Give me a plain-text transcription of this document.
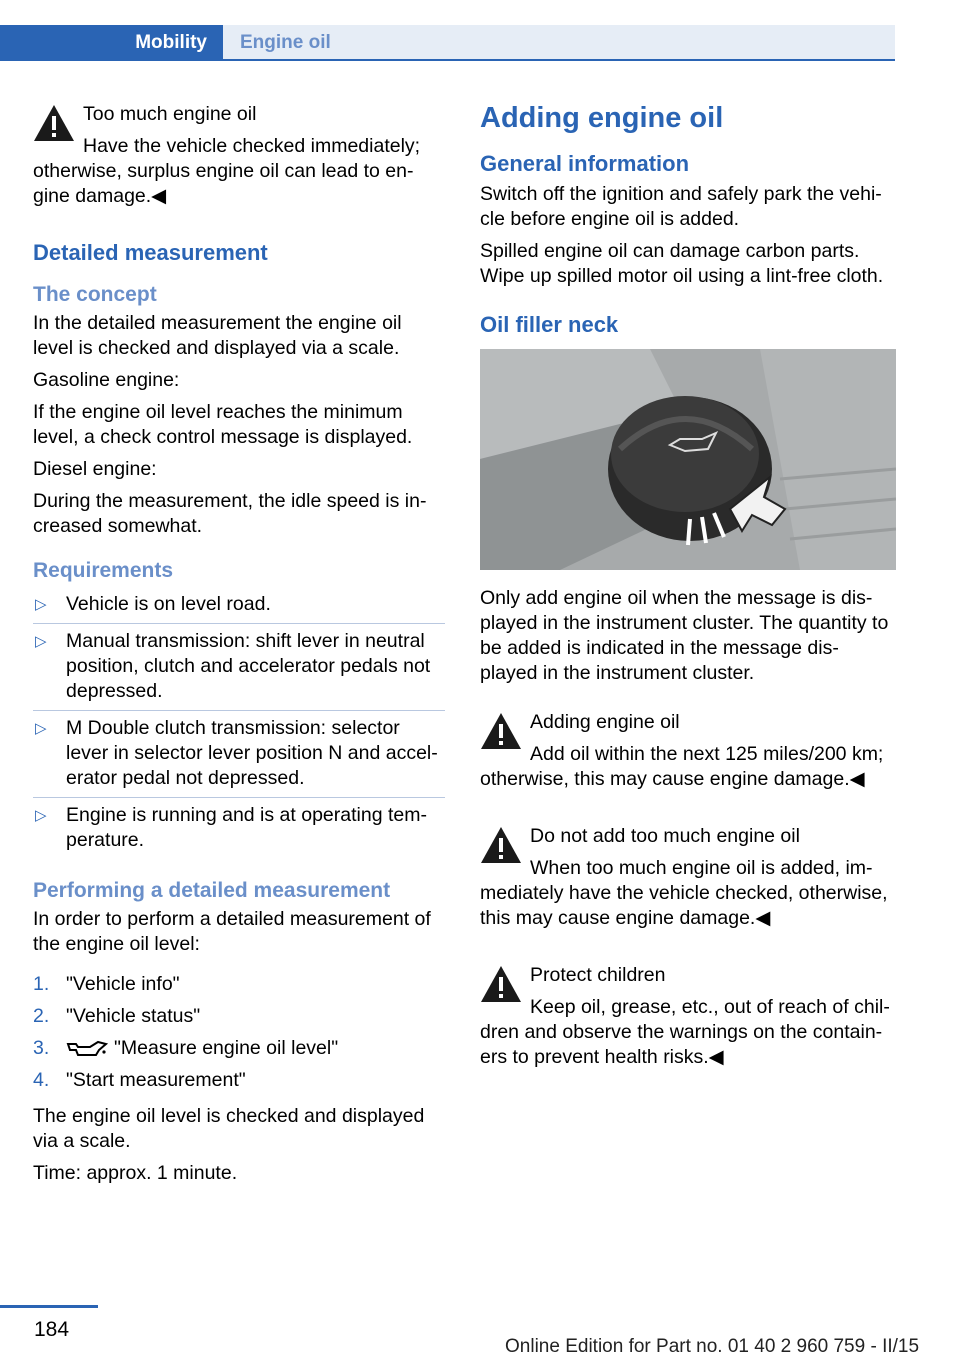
Mobility	Engine oil

Too much engine oil

Have the vehicle checked immediately; otherwise, surplus engine oil can lead to en-gine damage.◀

Detailed measurement
The concept

In the detailed measurement the engine oil level is checked and displayed via a scale.

Gasoline engine:

If the engine oil level reaches the minimum level, a check control message is displayed.

Diesel engine:

During the measurement, the idle speed is in-creased somewhat.

Requirements
▷ Vehicle is on level road.
▷ Manual transmission: shift lever in neutral position, clutch and accelerator pedals not depressed.
▷ M Double clutch transmission: selector lever in selector lever position N and accel-erator pedal not depressed.
▷ Engine is running and is at operating tem-perature.
Performing a detailed measurement

In order to perform a detailed measurement of the engine oil level:

1. "Vehicle info"
2. "Vehicle status"
3.	"Measure engine oil level"
4. "Start measurement"

The engine oil level is checked and displayed via a scale.

Time: approx. 1 minute.

Adding engine oil
General information

Switch off the ignition and safely park the vehi-cle before engine oil is added.

Spilled engine oil can damage carbon parts. Wipe up spilled motor oil using a lint-free cloth.

Oil filler neck

Only add engine oil when the message is dis-played in the instrument cluster. The quantity to be added is indicated in the message dis-played in the instrument cluster.

Adding engine oil

Add oil within the next 125 miles/200 km; otherwise, this may cause engine damage.◀

Do not add too much engine oil

When too much engine oil is added, im-mediately have the vehicle checked, otherwise, this may cause engine damage.◀

Protect children

Keep oil, grease, etc., out of reach of chil-dren and observe the warnings on the contain-ers to prevent health risks.◀

184
Online Edition for Part no. 01 40 2 960 759 - II/15
